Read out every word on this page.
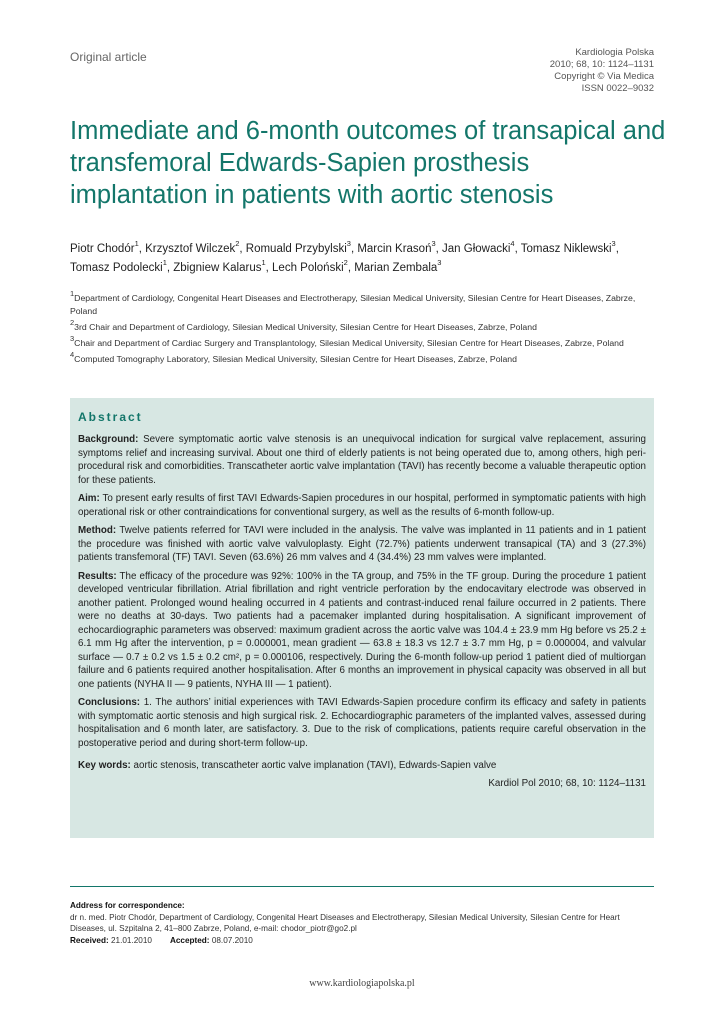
Original article	Kardiologia Polska
2010; 68, 10: 1124–1131
Copyright © Via Medica
ISSN 0022–9032
Immediate and 6-month outcomes of transapical and transfemoral Edwards-Sapien prosthesis implantation in patients with aortic stenosis
Piotr Chodór$^1$, Krzysztof Wilczek$^2$, Romuald Przybylski$^3$, Marcin Krasoń$^3$, Jan Głowacki$^4$, Tomasz Niklewski$^3$,
Tomasz Podolecki$^1$, Zbigniew Kalarus$^1$, Lech Poloński$^2$, Marian Zembala$^3$
$^1$Department of Cardiology, Congenital Heart Diseases and Electrotherapy, Silesian Medical University, Silesian Centre for Heart Diseases, Zabrze, Poland
$^2$3rd Chair and Department of Cardiology, Silesian Medical University, Silesian Centre for Heart Diseases, Zabrze, Poland
$^3$Chair and Department of Cardiac Surgery and Transplantology, Silesian Medical University, Silesian Centre for Heart Diseases, Zabrze, Poland
$^4$Computed Tomography Laboratory, Silesian Medical University, Silesian Centre for Heart Diseases, Zabrze, Poland
Abstract

Background: Severe symptomatic aortic valve stenosis is an unequivocal indication for surgical valve replacement, assuring symptoms relief and increasing survival. About one third of elderly patients is not being operated due to, among others, high peri-procedural risk and comorbidities. Transcatheter aortic valve implantation (TAVI) has recently become a valuable therapeutic option for these patients.

Aim: To present early results of first TAVI Edwards-Sapien procedures in our hospital, performed in symptomatic patients with high operational risk or other contraindications for conventional surgery, as well as the results of 6-month follow-up.

Method: Twelve patients referred for TAVI were included in the analysis. The valve was implanted in 11 patients and in 1 patient the procedure was finished with aortic valve valvuloplasty. Eight (72.7%) patients underwent transapical (TA) and 3 (27.3%) patients transfemoral (TF) TAVI. Seven (63.6%) 26 mm valves and 4 (34.4%) 23 mm valves were implanted.

Results: The efficacy of the procedure was 92%: 100% in the TA group, and 75% in the TF group. During the procedure 1 patient developed ventricular fibrillation. Atrial fibrillation and right ventricle perforation by the endocavitary electrode was observed in another patient. Prolonged wound healing occurred in 4 patients and contrast-induced renal failure occurred in 2 patients. There were no deaths at 30-days. Two patients had a pacemaker implanted during hospitalisation. A significant improvement of echocardiographic parameters was observed: maximum gradient across the aortic valve was 104.4 ± 23.9 mm Hg before vs 25.2 ± 6.1 mm Hg after the intervention, p = 0.000001, mean gradient — 63.8 ± 18.3 vs 12.7 ± 3.7 mm Hg, p = 0.000004, and valvular surface — 0.7 ± 0.2 vs 1.5 ± 0.2 cm², p = 0.000106, respectively. During the 6-month follow-up period 1 patient died of multiorgan failure and 6 patients required another hospitalisation. After 6 months an improvement in physical capacity was observed in all but one patients (NYHA II — 9 patients, NYHA III — 1 patient).

Conclusions: 1. The authors’ initial experiences with TAVI Edwards-Sapien procedure confirm its efficacy and safety in patients with symptomatic aortic stenosis and high surgical risk. 2. Echocardiographic parameters of the implanted valves, assessed during hospitalisation and 6 month later, are satisfactory. 3. Due to the risk of complications, patients require careful observation in the postoperative period and during short-term follow-up.

Key words: aortic stenosis, transcatheter aortic valve implanation (TAVI), Edwards-Sapien valve

Kardiol Pol 2010; 68, 10: 1124–1131
Address for correspondence:
dr n. med. Piotr Chodór, Department of Cardiology, Congenital Heart Diseases and Electrotherapy, Silesian Medical University, Silesian Centre for Heart Diseases, ul. Szpitalna 2, 41–800 Zabrze, Poland, e-mail: chodor_piotr@go2.pl
Received: 21.01.2010 Accepted: 08.07.2010
www.kardiologiapolska.pl
